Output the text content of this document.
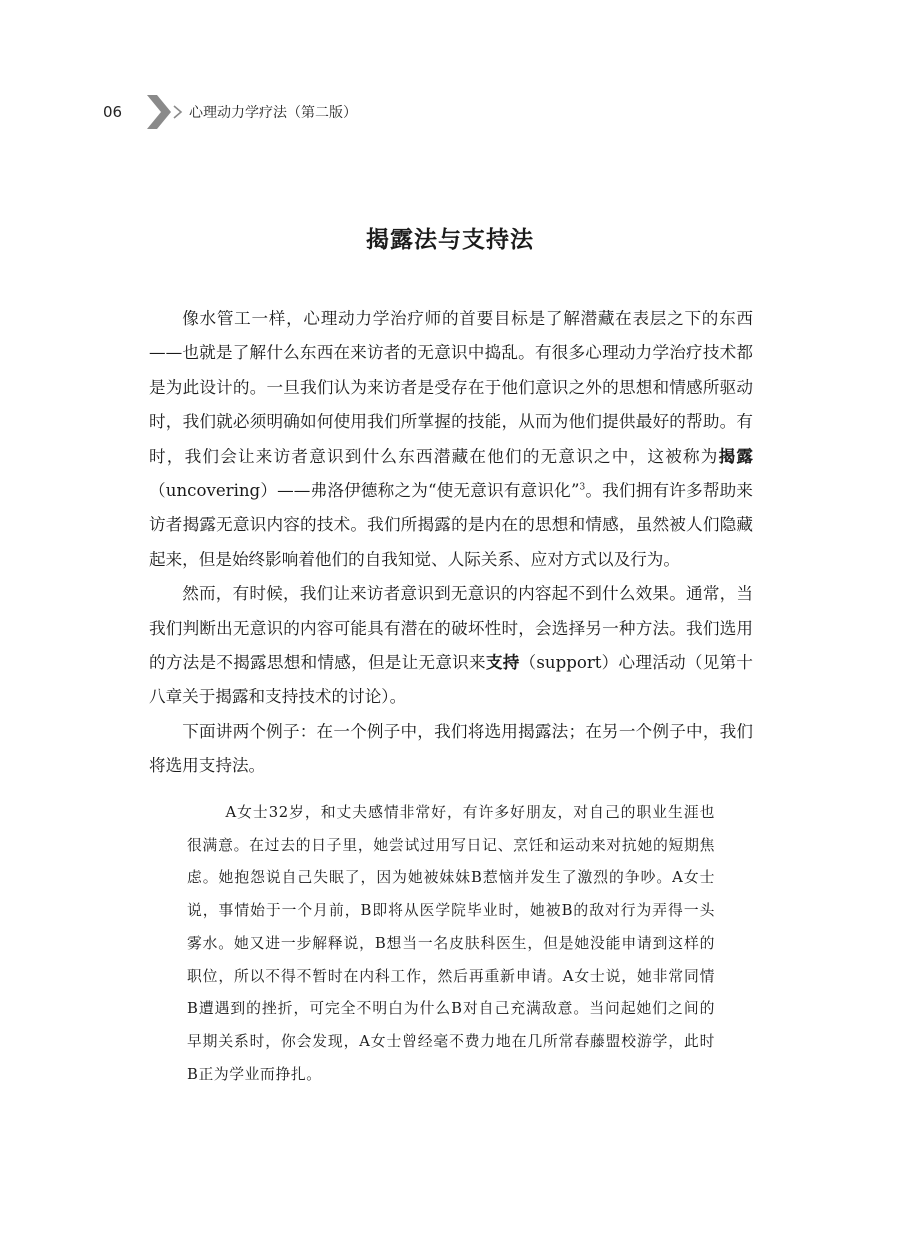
06	心理动力学疗法（第二版）
揭露法与支持法

像水管工一样，心理动力学治疗师的首要目标是了解潜藏在表层之下的东西——也就是了解什么东西在来访者的无意识中捣乱。有很多心理动力学治疗技术都是为此设计的。一旦我们认为来访者是受存在于他们意识之外的思想和情感所驱动时，我们就必须明确如何使用我们所掌握的技能，从而为他们提供最好的帮助。有时，我们会让来访者意识到什么东西潜藏在他们的无意识之中，这被称为揭露（uncovering）——弗洛伊德称之为“使无意识有意识化”$^3$。我们拥有许多帮助来访者揭露无意识内容的技术。我们所揭露的是内在的思想和情感，虽然被人们隐藏起来，但是始终影响着他们的自我知觉、人际关系、应对方式以及行为。

然而，有时候，我们让来访者意识到无意识的内容起不到什么效果。通常，当我们判断出无意识的内容可能具有潜在的破坏性时，会选择另一种方法。我们选用的方法是不揭露思想和情感，但是让无意识来支持（support）心理活动（见第十八章关于揭露和支持技术的讨论）。

下面讲两个例子：在一个例子中，我们将选用揭露法；在另一个例子中，我们将选用支持法。

A女士32岁，和丈夫感情非常好，有许多好朋友，对自己的职业生涯也很满意。在过去的日子里，她尝试过用写日记、烹饪和运动来对抗她的短期焦虑。她抱怨说自己失眠了，因为她被妹妹B惹恼并发生了激烈的争吵。A女士说，事情始于一个月前，B即将从医学院毕业时，她被B的敌对行为弄得一头雾水。她又进一步解释说，B想当一名皮肤科医生，但是她没能申请到这样的职位，所以不得不暂时在内科工作，然后再重新申请。A女士说，她非常同情B遭遇到的挫折，可完全不明白为什么B对自己充满敌意。当问起她们之间的早期关系时，你会发现，A女士曾经毫不费力地在几所常春藤盟校游学，此时B正为学业而挣扎。
